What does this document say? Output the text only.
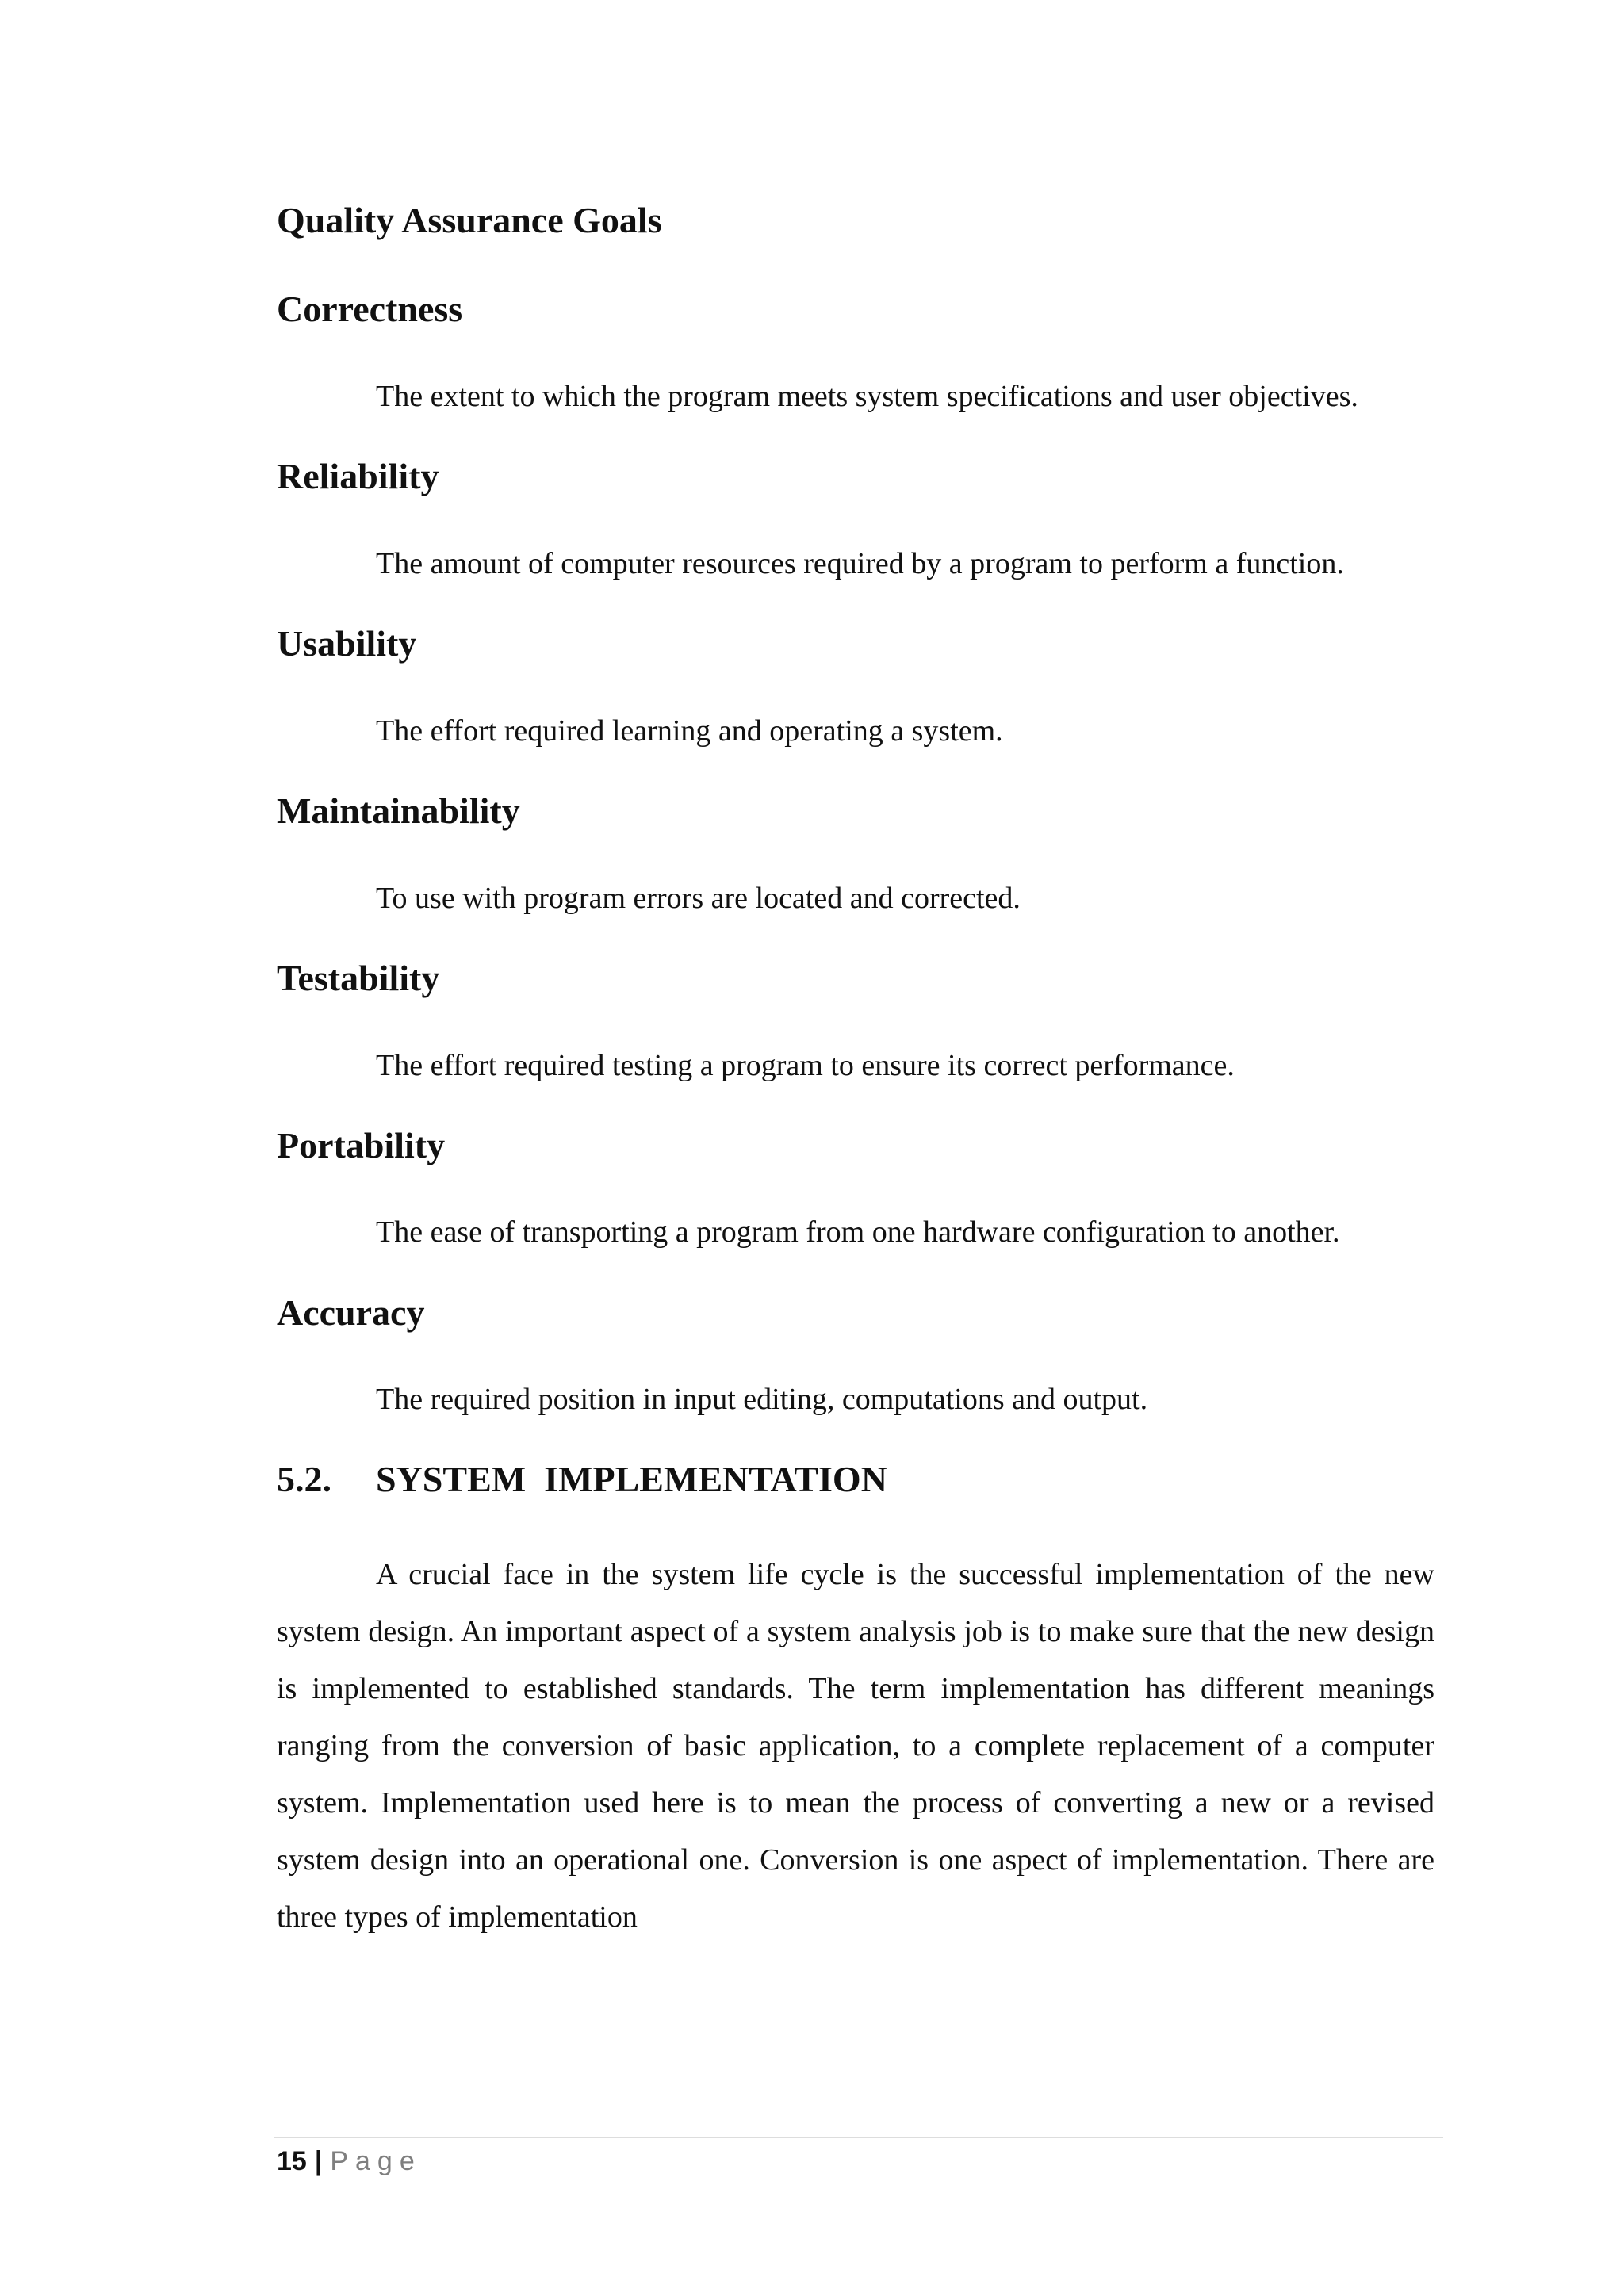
Quality Assurance Goals
Correctness

The extent to which the program meets system specifications and user objectives.

Reliability

The amount of computer resources required by a program to perform a function.

Usability

The effort required learning and operating a system.

Maintainability

To use with program errors are located and corrected.

Testability

The effort required testing a program to ensure its correct performance.

Portability

The ease of transporting a program from one hardware configuration to another.

Accuracy

The required position in input editing, computations and output.

5.2. SYSTEM  IMPLEMENTATION

A crucial face in the system life cycle is the successful implementation of the new system design. An important aspect of a system analysis job is to make sure that the new design is implemented to established standards. The term implementation has different meanings ranging from the conversion of basic application, to a complete replacement of a computer system. Implementation used here is to mean the process of converting a new or a revised system design into an operational one. Conversion is one aspect of implementation. There are three types of implementation

15 | Page
